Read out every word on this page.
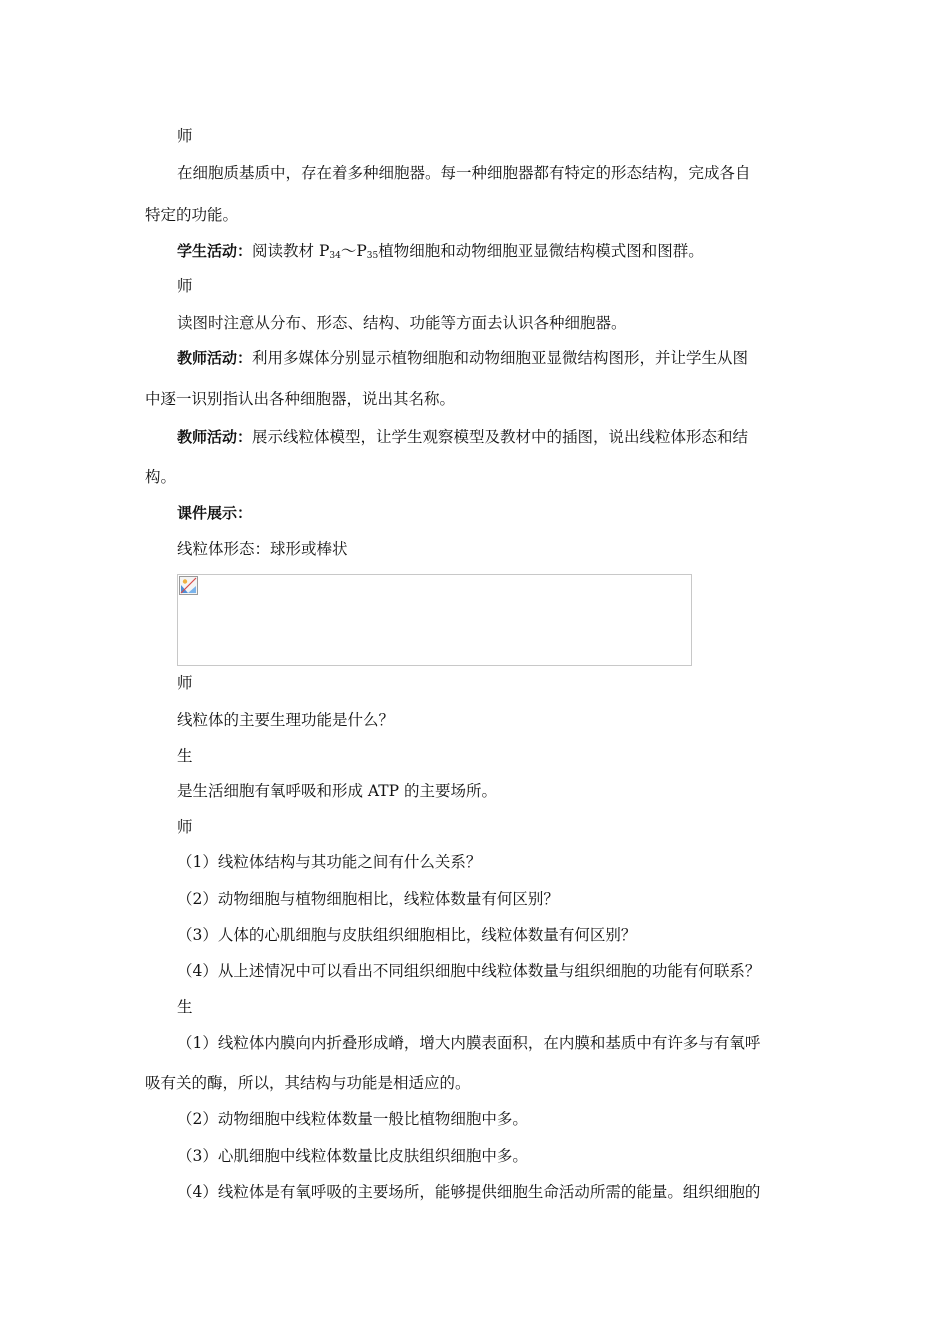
师
在细胞质基质中，存在着多种细胞器。每一种细胞器都有特定的形态结构，完成各自
特定的功能。
学生活动：阅读教材 $P_{34}\sim P_{35}$植物细胞和动物细胞亚显微结构模式图和图群。
师
读图时注意从分布、形态、结构、功能等方面去认识各种细胞器。
教师活动：利用多媒体分别显示植物细胞和动物细胞亚显微结构图形，并让学生从图
中逐一识别指认出各种细胞器，说出其名称。
教师活动：展示线粒体模型，让学生观察模型及教材中的插图，说出线粒体形态和结
构。
课件展示：
线粒体形态：球形或棒状
师
线粒体的主要生理功能是什么？
生
是生活细胞有氧呼吸和形成 ATP 的主要场所。
师
（1）线粒体结构与其功能之间有什么关系？
（2）动物细胞与植物细胞相比，线粒体数量有何区别？
（3）人体的心肌细胞与皮肤组织细胞相比，线粒体数量有何区别？
（4）从上述情况中可以看出不同组织细胞中线粒体数量与组织细胞的功能有何联系？
生
（1）线粒体内膜向内折叠形成嵴，增大内膜表面积，在内膜和基质中有许多与有氧呼
吸有关的酶，所以，其结构与功能是相适应的。
（2）动物细胞中线粒体数量一般比植物细胞中多。
（3）心肌细胞中线粒体数量比皮肤组织细胞中多。
（4）线粒体是有氧呼吸的主要场所，能够提供细胞生命活动所需的能量。组织细胞的
